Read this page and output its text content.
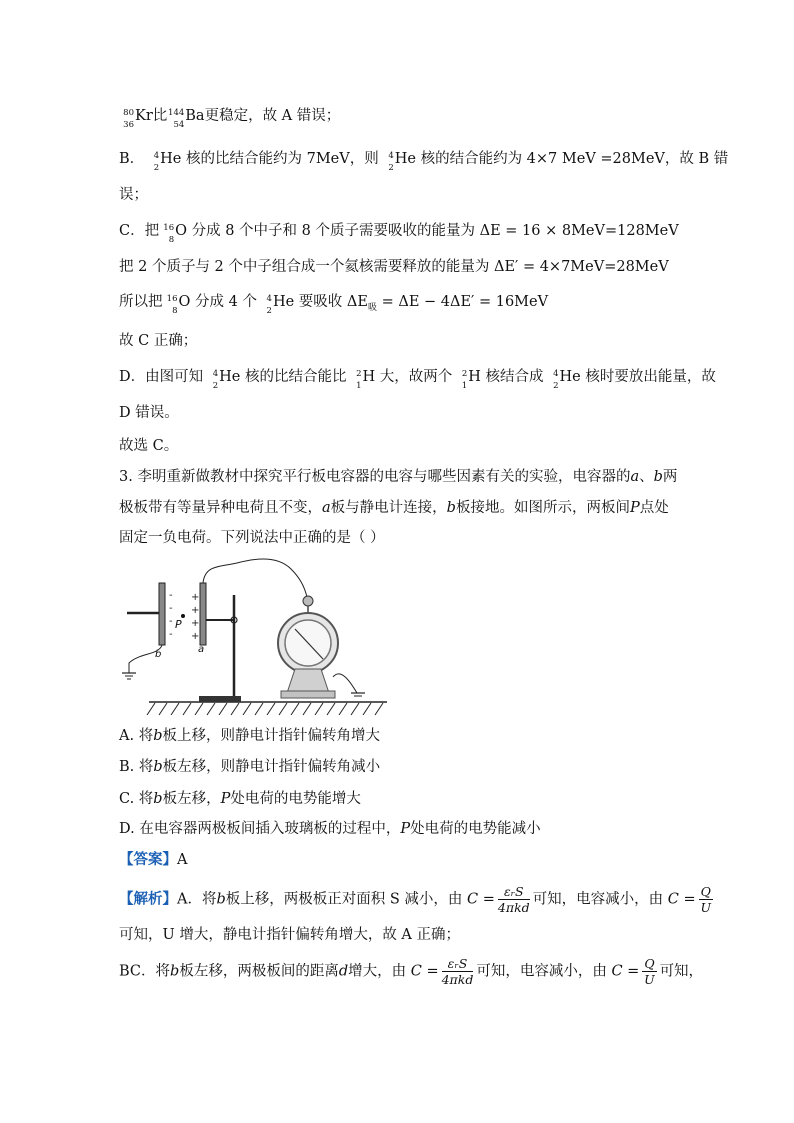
80
36
Kr比 144
54
Ba更稳定，故 A 错误；
B． 4
2
He 核的比结合能约为 7MeV，则 4
2
He 核的结合能约为 4×7 MeV =28MeV，故 B 错
误；
C．把 16
8
O 分成 8 个中子和 8 个质子需要吸收的能量为 ΔE = 16 × 8MeV=128MeV
把 2 个质子与 2 个中子组合成一个氦核需要释放的能量为 ΔE′ = 4×7MeV=28MeV
所以把 16
8
O 分成 4 个 4
2
He 要吸收 $\Delta E_吸 = \Delta E - 4\Delta E' = 16MeV$
故 C 正确；
D．由图可知 4
2
He 核的比结合能比 2
1
H 大，故两个 2
1
H 核结合成 4
2
He 核时要放出能量，故
D 错误。
故选 C。
3. 李明重新做教材中探究平行板电容器的电容与哪些因素有关的实验，电容器的a、b两
极板带有等量异种电荷且不变，a板与静电计连接，b板接地。如图所示，两板间P点处
固定一负电荷。下列说法中正确的是（ ）
-
-
-
-
+
+
+
+
P
b	a
A. 将b板上移，则静电计指针偏转角增大
B. 将b板左移，则静电计指针偏转角减小
C. 将b板左移，P处电荷的电势能增大
D. 在电容器两极板间插入玻璃板的过程中，P处电荷的电势能减小
【答案】A
【解析】A．将b板上移，两极板正对面积 S 减小，由 $C = \frac{\text{εᵣS}}{\text{4πkd}}$ 可知，电容减小，由 $C = \frac{Q}{U}$
可知，U 增大，静电计指针偏转角增大，故 A 正确；
BC．将b板左移，两极板间的距离d增大，由 $C = \frac{\text{εᵣS}}{\text{4πkd}}$ 可知，电容减小，由 $C = \frac{Q}{U}$ 可知，
